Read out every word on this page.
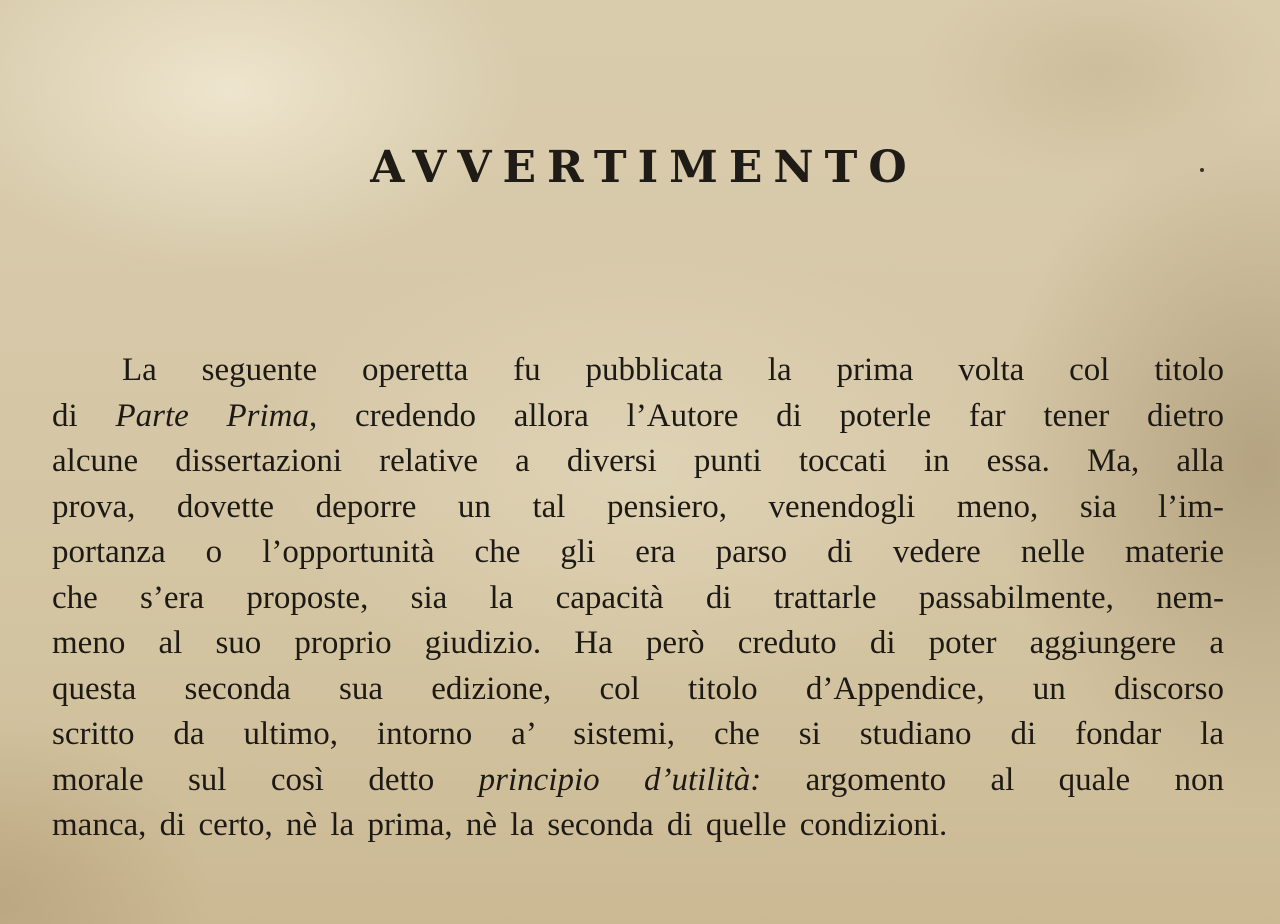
AVVERTIMENTO
La seguente operetta fu pubblicata la prima volta col titolo
di Parte Prima, credendo allora l’Autore di poterle far tener dietro
alcune dissertazioni relative a diversi punti toccati in essa. Ma, alla
prova, dovette deporre un tal pensiero, venendogli meno, sia l’im-
portanza o l’opportunità che gli era parso di vedere nelle materie
che s’era proposte, sia la capacità di trattarle passabilmente, nem-
meno al suo proprio giudizio. Ha però creduto di poter aggiungere a
questa seconda sua edizione, col titolo d’Appendice, un discorso
scritto da ultimo, intorno a’ sistemi, che si studiano di fondar la
morale sul così detto principio d’utilità: argomento al quale non
manca, di certo, nè la prima, nè la seconda di quelle condizioni.
